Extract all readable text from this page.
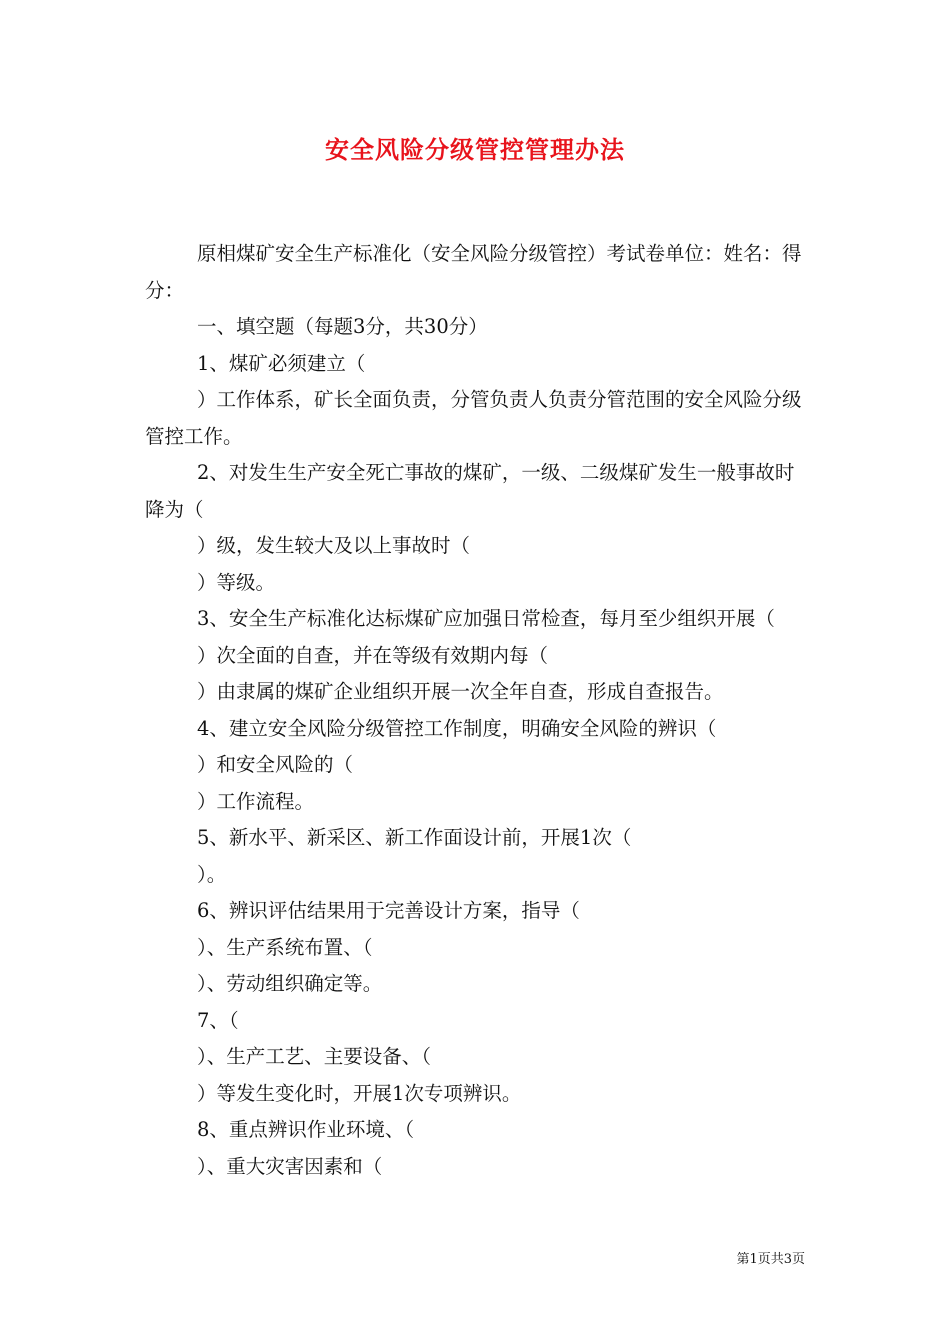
安全风险分级管控管理办法

原相煤矿安全生产标准化（安全风险分级管控）考试卷单位：姓名：得分：

一、填空题（每题3分，共30分）

1、煤矿必须建立（

）工作体系，矿长全面负责，分管负责人负责分管范围的安全风险分级管控工作。

2、对发生生产安全死亡事故的煤矿，一级、二级煤矿发生一般事故时降为（

）级，发生较大及以上事故时（

）等级。

3、安全生产标准化达标煤矿应加强日常检查，每月至少组织开展（

）次全面的自查，并在等级有效期内每（

）由隶属的煤矿企业组织开展一次全年自查，形成自查报告。

4、建立安全风险分级管控工作制度，明确安全风险的辨识（

）和安全风险的（

）工作流程。

5、新水平、新采区、新工作面设计前，开展1次（

）。

6、辨识评估结果用于完善设计方案，指导（

）、生产系统布置、（

）、劳动组织确定等。

7、（

）、生产工艺、主要设备、（

）等发生变化时，开展1次专项辨识。

8、重点辨识作业环境、（

）、重大灾害因素和（

第1页共3页
